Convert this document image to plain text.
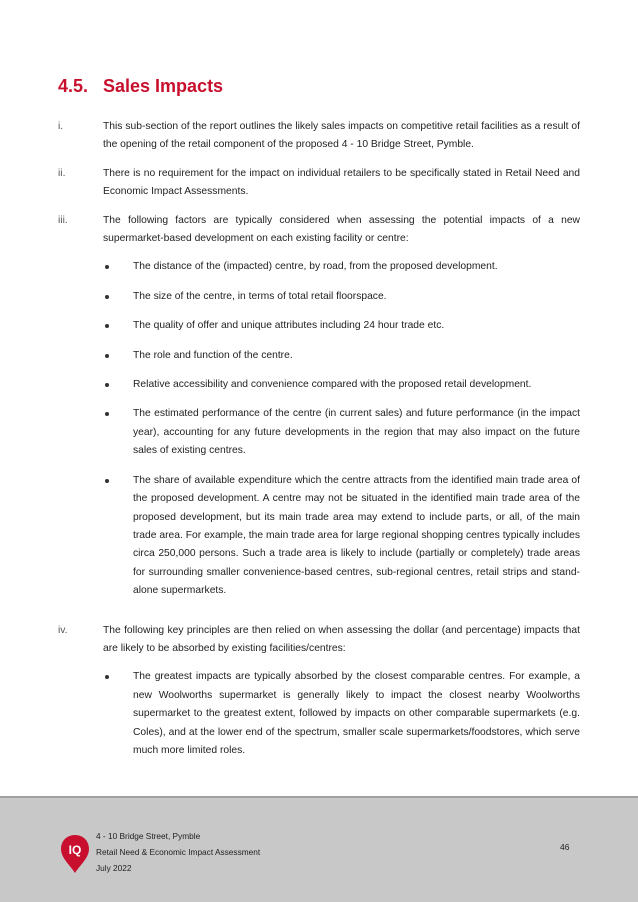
4.5. Sales Impacts
i.	This sub-section of the report outlines the likely sales impacts on competitive retail facilities as a result of the opening of the retail component of the proposed 4 - 10 Bridge Street, Pymble.
ii.	There is no requirement for the impact on individual retailers to be specifically stated in Retail Need and Economic Impact Assessments.
iii.	The following factors are typically considered when assessing the potential impacts of a new supermarket-based development on each existing facility or centre:
The distance of the (impacted) centre, by road, from the proposed development.
The size of the centre, in terms of total retail floorspace.
The quality of offer and unique attributes including 24 hour trade etc.
The role and function of the centre.
Relative accessibility and convenience compared with the proposed retail development.
The estimated performance of the centre (in current sales) and future performance (in the impact year), accounting for any future developments in the region that may also impact on the future sales of existing centres.
The share of available expenditure which the centre attracts from the identified main trade area of the proposed development. A centre may not be situated in the identified main trade area of the proposed development, but its main trade area may extend to include parts, or all, of the main trade area. For example, the main trade area for large regional shopping centres typically includes circa 250,000 persons. Such a trade area is likely to include (partially or completely) trade areas for surrounding smaller convenience-based centres, sub-regional centres, retail strips and stand-alone supermarkets.
iv.	The following key principles are then relied on when assessing the dollar (and percentage) impacts that are likely to be absorbed by existing facilities/centres:
The greatest impacts are typically absorbed by the closest comparable centres. For example, a new Woolworths supermarket is generally likely to impact the closest nearby Woolworths supermarket to the greatest extent, followed by impacts on other comparable supermarkets (e.g. Coles), and at the lower end of the spectrum, smaller scale supermarkets/foodstores, which serve much more limited roles.
IQ
4 - 10 Bridge Street, Pymble
Retail Need & Economic Impact Assessment
July 2022
46
